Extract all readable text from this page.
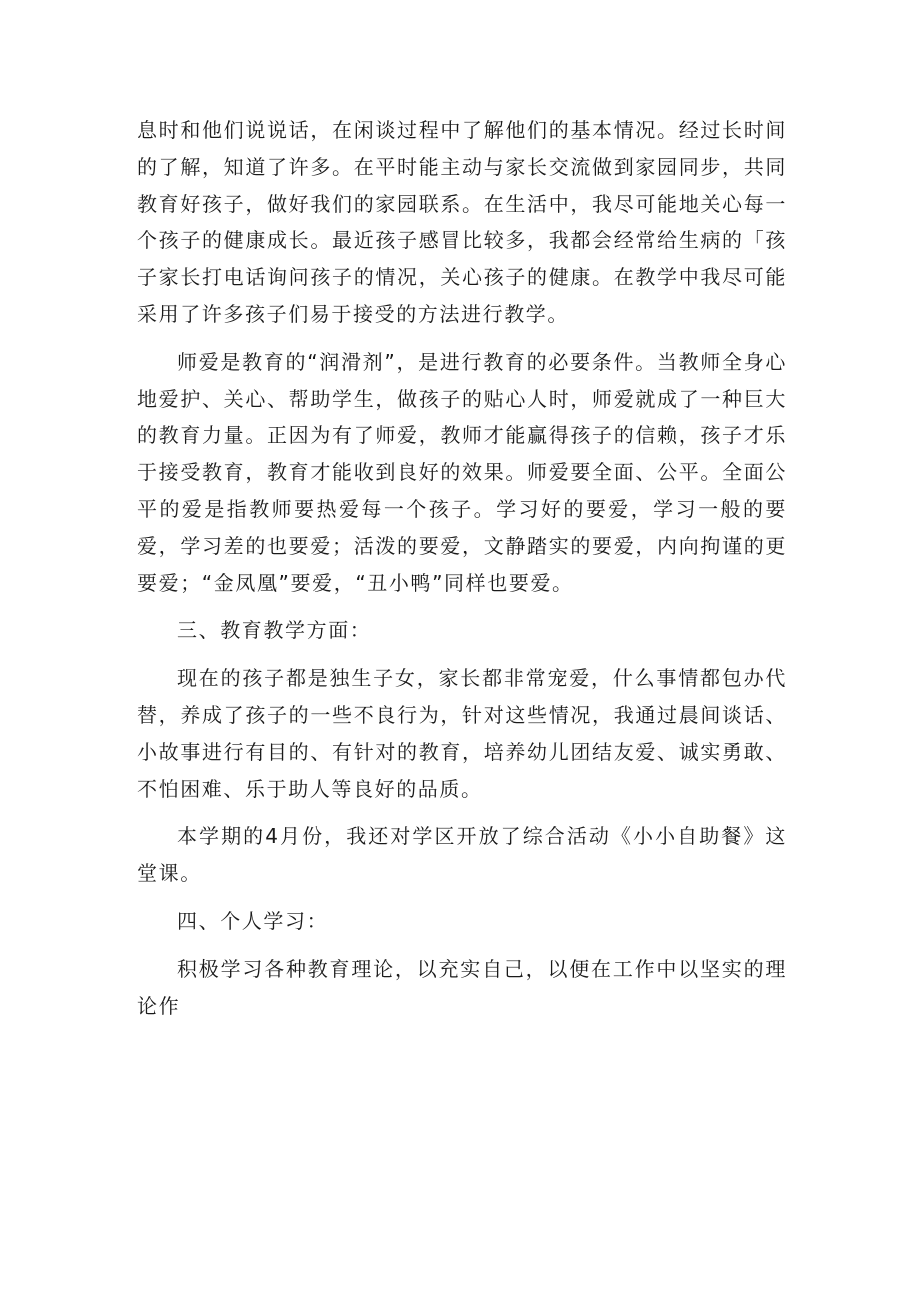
息时和他们说说话，在闲谈过程中了解他们的基本情况。经过长时间的了解，知道了许多。在平时能主动与家长交流做到家园同步，共同教育好孩子，做好我们的家园联系。在生活中，我尽可能地关心每一个孩子的健康成长。最近孩子感冒比较多，我都会经常给生病的「孩子家长打电话询问孩子的情况，关心孩子的健康。在教学中我尽可能采用了许多孩子们易于接受的方法进行教学。

师爱是教育的“润滑剂”，是进行教育的必要条件。当教师全身心地爱护、关心、帮助学生，做孩子的贴心人时，师爱就成了一种巨大的教育力量。正因为有了师爱，教师才能赢得孩子的信赖，孩子才乐于接受教育，教育才能收到良好的效果。师爱要全面、公平。全面公平的爱是指教师要热爱每一个孩子。学习好的要爱，学习一般的要爱，学习差的也要爱；活泼的要爱，文静踏实的要爱，内向拘谨的更要爱；“金凤凰”要爱，“丑小鸭”同样也要爱。

三、教育教学方面：

现在的孩子都是独生子女，家长都非常宠爱，什么事情都包办代替，养成了孩子的一些不良行为，针对这些情况，我通过晨间谈话、小故事进行有目的、有针对的教育，培养幼儿团结友爱、诚实勇敢、不怕困难、乐于助人等良好的品质。

本学期的4月份，我还对学区开放了综合活动《小小自助餐》这堂课。

四、个人学习：

积极学习各种教育理论，以充实自己，以便在工作中以坚实的理论作
